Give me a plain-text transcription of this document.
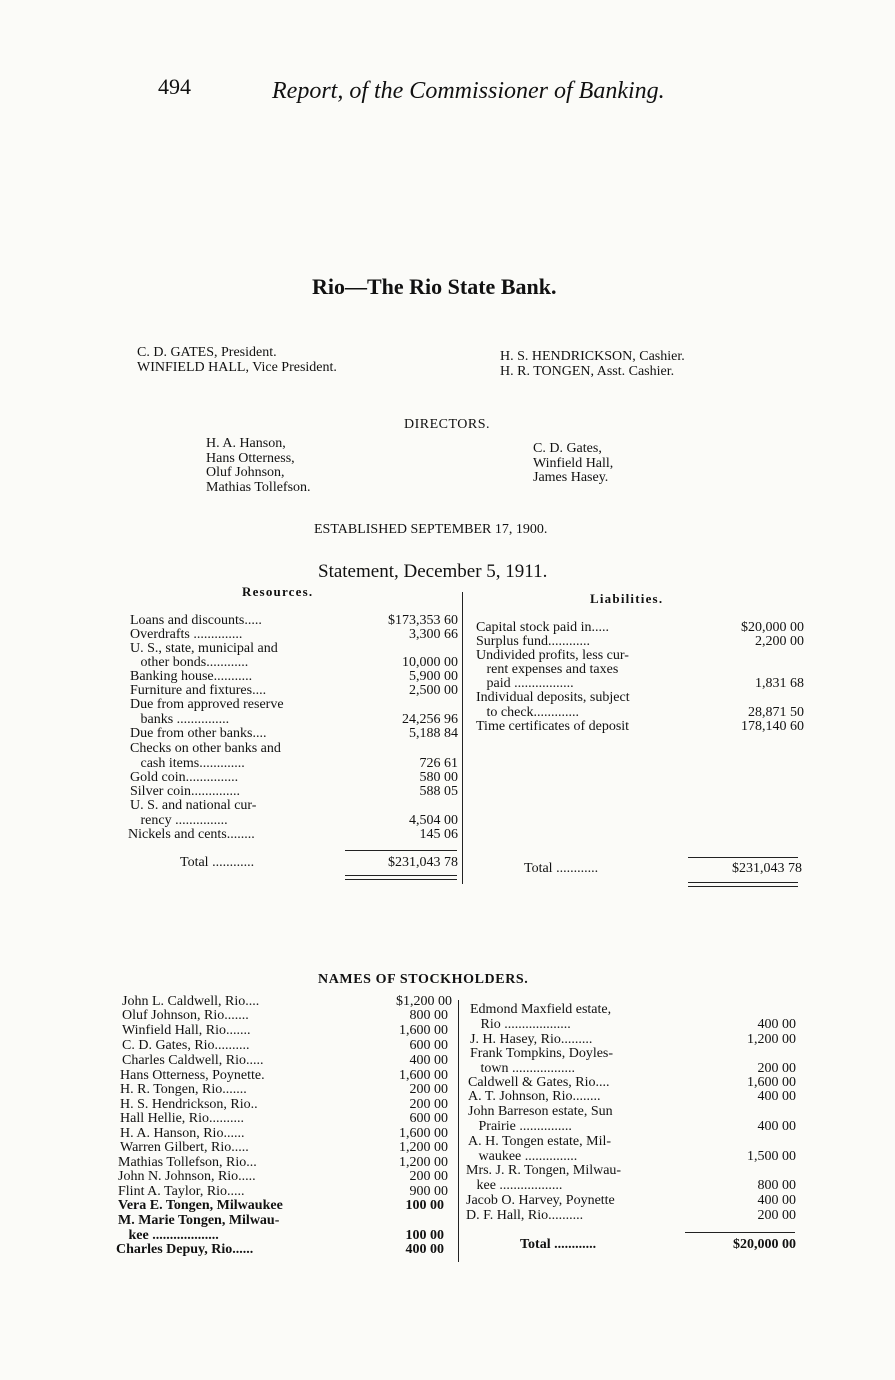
494	Report, of the Commissioner of Banking.
Rio—The Rio State Bank.
C. D. GATES, President.
WINFIELD HALL, Vice President.
H. S. HENDRICKSON, Cashier.
H. R. TONGEN, Asst. Cashier.
DIRECTORS.
H. A. Hanson,
Hans Otterness,
Oluf Johnson,
Mathias Tollefson.
C. D. Gates,
Winfield Hall,
James Hasey.
ESTABLISHED SEPTEMBER 17, 1900.
Statement, December 5, 1911.
Resources.	Liabilities.
Loans and discounts.....	$173,353 60
Overdrafts ..............	3,300 66
U. S., state, municipal and
other bonds............	10,000 00
Banking house...........	5,900 00
Furniture and fixtures....	2,500 00
Due from approved reserve
banks ...............	24,256 96
Due from other banks....	5,188 84
Checks on other banks and
cash items.............	726 61
Gold coin...............	580 00
Silver coin..............	588 05
U. S. and national cur-
rency ...............	4,504 00
Nickels and cents........	145 06
Total ............	$231,043 78
Capital stock paid in.....	$20,000 00
Surplus fund............	2,200 00
Undivided profits, less cur-
rent expenses and taxes
paid .................	1,831 68
Individual deposits, subject
to check.............	28,871 50
Time certificates of deposit	178,140 60
Total ............	$231,043 78
NAMES OF STOCKHOLDERS.
John L. Caldwell, Rio....	$1,200 00
Oluf Johnson, Rio.......	800 00
Winfield Hall, Rio.......	1,600 00
C. D. Gates, Rio..........	600 00
Charles Caldwell, Rio.....	400 00
Hans Otterness, Poynette.	1,600 00
H. R. Tongen, Rio.......	200 00
H. S. Hendrickson, Rio..	200 00
Hall Hellie, Rio..........	600 00
H. A. Hanson, Rio......	1,600 00
Warren Gilbert, Rio.....	1,200 00
Mathias Tollefson, Rio...	1,200 00
John N. Johnson, Rio.....	200 00
Flint A. Taylor, Rio.....	900 00
Vera E. Tongen, Milwaukee	100 00
M. Marie Tongen, Milwau-
kee ...................	100 00
Charles Depuy, Rio......	400 00
Edmond Maxfield estate,
Rio ...................	400 00
J. H. Hasey, Rio.........	1,200 00
Frank Tompkins, Doyles-
town ..................	200 00
Caldwell & Gates, Rio....	1,600 00
A. T. Johnson, Rio........	400 00
John Barreson estate, Sun
Prairie ...............	400 00
A. H. Tongen estate, Mil-
waukee ...............	1,500 00
Mrs. J. R. Tongen, Milwau-
kee ..................	800 00
Jacob O. Harvey, Poynette	400 00
D. F. Hall, Rio..........	200 00
Total ............	$20,000 00
